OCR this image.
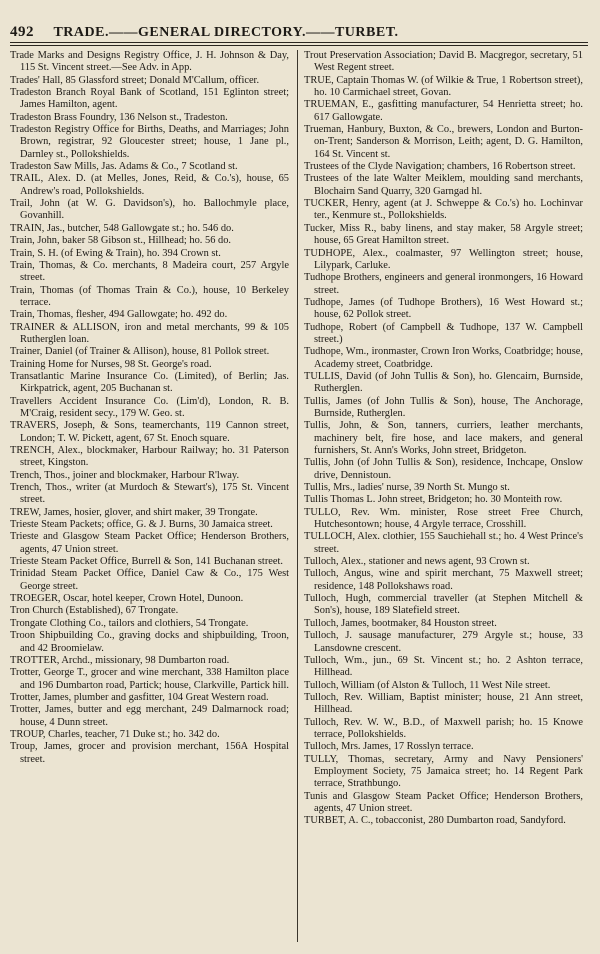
492	TRADE.——GENERAL DIRECTORY.——TURBET.

Trade Marks and Designs Registry Office, J. H. Johnson & Day, 115 St. Vincent street.—See Adv. in App.

Trades' Hall, 85 Glassford street; Donald M'Callum, officer.

Tradeston Branch Royal Bank of Scotland, 151 Eglinton street; James Hamilton, agent.

Tradeston Brass Foundry, 136 Nelson st., Tradeston.

Tradeston Registry Office for Births, Deaths, and Marriages; John Brown, registrar, 92 Gloucester street; house, 1 Jane pl., Darnley st., Pollokshields.

Tradeston Saw Mills, Jas. Adams & Co., 7 Scotland st.

TRAIL, Alex. D. (at Melles, Jones, Reid, & Co.'s), house, 65 Andrew's road, Pollokshields.

Trail, John (at W. G. Davidson's), ho. Ballochmyle place, Govanhill.

TRAIN, Jas., butcher, 548 Gallowgate st.; ho. 546 do.

Train, John, baker 58 Gibson st., Hillhead; ho. 56 do.

Train, S. H. (of Ewing & Train), ho. 394 Crown st.

Train, Thomas, & Co. merchants, 8 Madeira court, 257 Argyle street.

Train, Thomas (of Thomas Train & Co.), house, 10 Berkeley terrace.

Train, Thomas, flesher, 494 Gallowgate; ho. 492 do.

TRAINER & ALLISON, iron and metal merchants, 99 & 105 Rutherglen loan.

Trainer, Daniel (of Trainer & Allison), house, 81 Pollok street.

Training Home for Nurses, 98 St. George's road.

Transatlantic Marine Insurance Co. (Limited), of Berlin; Jas. Kirkpatrick, agent, 205 Buchanan st.

Travellers Accident Insurance Co. (Lim'd), London, R. B. M'Craig, resident secy., 179 W. Geo. st.

TRAVERS, Joseph, & Sons, teamerchants, 119 Cannon street, London; T. W. Pickett, agent, 67 St. Enoch square.

TRENCH, Alex., blockmaker, Harbour Railway; ho. 31 Paterson street, Kingston.

Trench, Thos., joiner and blockmaker, Harbour R'lway.

Trench, Thos., writer (at Murdoch & Stewart's), 175 St. Vincent street.

TREW, James, hosier, glover, and shirt maker, 39 Trongate.

Trieste Steam Packets; office, G. & J. Burns, 30 Jamaica street.

Trieste and Glasgow Steam Packet Office; Henderson Brothers, agents, 47 Union street.

Trieste Steam Packet Office, Burrell & Son, 141 Buchanan street.

Trinidad Steam Packet Office, Daniel Caw & Co., 175 West George street.

TROEGER, Oscar, hotel keeper, Crown Hotel, Dunoon.

Tron Church (Established), 67 Trongate.

Trongate Clothing Co., tailors and clothiers, 54 Trongate.

Troon Shipbuilding Co., graving docks and shipbuilding, Troon, and 42 Broomielaw.

TROTTER, Archd., missionary, 98 Dumbarton road.

Trotter, George T., grocer and wine merchant, 338 Hamilton place and 196 Dumbarton road, Partick; house, Clarkville, Partick hill.

Trotter, James, plumber and gasfitter, 104 Great Western road.

Trotter, James, butter and egg merchant, 249 Dalmarnock road; house, 4 Dunn street.

TROUP, Charles, teacher, 71 Duke st.; ho. 342 do.

Troup, James, grocer and provision merchant, 156A Hospital street.

Trout Preservation Association; David B. Macgregor, secretary, 51 West Regent street.

TRUE, Captain Thomas W. (of Wilkie & True, 1 Robertson street), ho. 10 Carmichael street, Govan.

TRUEMAN, E., gasfitting manufacturer, 54 Henrietta street; ho. 617 Gallowgate.

Trueman, Hanbury, Buxton, & Co., brewers, London and Burton-on-Trent; Sanderson & Morrison, Leith; agent, D. G. Hamilton, 164 St. Vincent st.

Trustees of the Clyde Navigation; chambers, 16 Robertson street.

Trustees of the late Walter Meiklem, moulding sand merchants, Blochairn Sand Quarry, 320 Garngad hl.

TUCKER, Henry, agent (at J. Schweppe & Co.'s) ho. Lochinvar ter., Kenmure st., Pollokshields.

Tucker, Miss R., baby linens, and stay maker, 58 Argyle street; house, 65 Great Hamilton street.

TUDHOPE, Alex., coalmaster, 97 Wellington street; house, Lilypark, Carluke.

Tudhope Brothers, engineers and general ironmongers, 16 Howard street.

Tudhope, James (of Tudhope Brothers), 16 West Howard st.; house, 62 Pollok street.

Tudhope, Robert (of Campbell & Tudhope, 137 W. Campbell street.)

Tudhope, Wm., ironmaster, Crown Iron Works, Coatbridge; house, Academy street, Coatbridge.

TULLIS, David (of John Tullis & Son), ho. Glencairn, Burnside, Rutherglen.

Tullis, James (of John Tullis & Son), house, The Anchorage, Burnside, Rutherglen.

Tullis, John, & Son, tanners, curriers, leather merchants, machinery belt, fire hose, and lace makers, and general furnishers, St. Ann's Works, John street, Bridgeton.

Tullis, John (of John Tullis & Son), residence, Inchcape, Onslow drive, Dennistoun.

Tullis, Mrs., ladies' nurse, 39 North St. Mungo st.

Tullis Thomas L. John street, Bridgeton; ho. 30 Monteith row.

TULLO, Rev. Wm. minister, Rose street Free Church, Hutchesontown; house, 4 Argyle terrace, Crosshill.

TULLOCH, Alex. clothier, 155 Sauchiehall st.; ho. 4 West Prince's street.

Tulloch, Alex., stationer and news agent, 93 Crown st.

Tulloch, Angus, wine and spirit merchant, 75 Maxwell street; residence, 148 Pollokshaws road.

Tulloch, Hugh, commercial traveller (at Stephen Mitchell & Son's), house, 189 Slatefield street.

Tulloch, James, bootmaker, 84 Houston street.

Tulloch, J. sausage manufacturer, 279 Argyle st.; house, 33 Lansdowne crescent.

Tulloch, Wm., jun., 69 St. Vincent st.; ho. 2 Ashton terrace, Hillhead.

Tulloch, William (of Alston & Tulloch, 11 West Nile street.

Tulloch, Rev. William, Baptist minister; house, 21 Ann street, Hillhead.

Tulloch, Rev. W. W., B.D., of Maxwell parish; ho. 15 Knowe terrace, Pollokshields.

Tulloch, Mrs. James, 17 Rosslyn terrace.

TULLY, Thomas, secretary, Army and Navy Pensioners' Employment Society, 75 Jamaica street; ho. 14 Regent Park terrace, Strathbungo.

Tunis and Glasgow Steam Packet Office; Henderson Brothers, agents, 47 Union street.

TURBET, A. C., tobacconist, 280 Dumbarton road, Sandyford.
